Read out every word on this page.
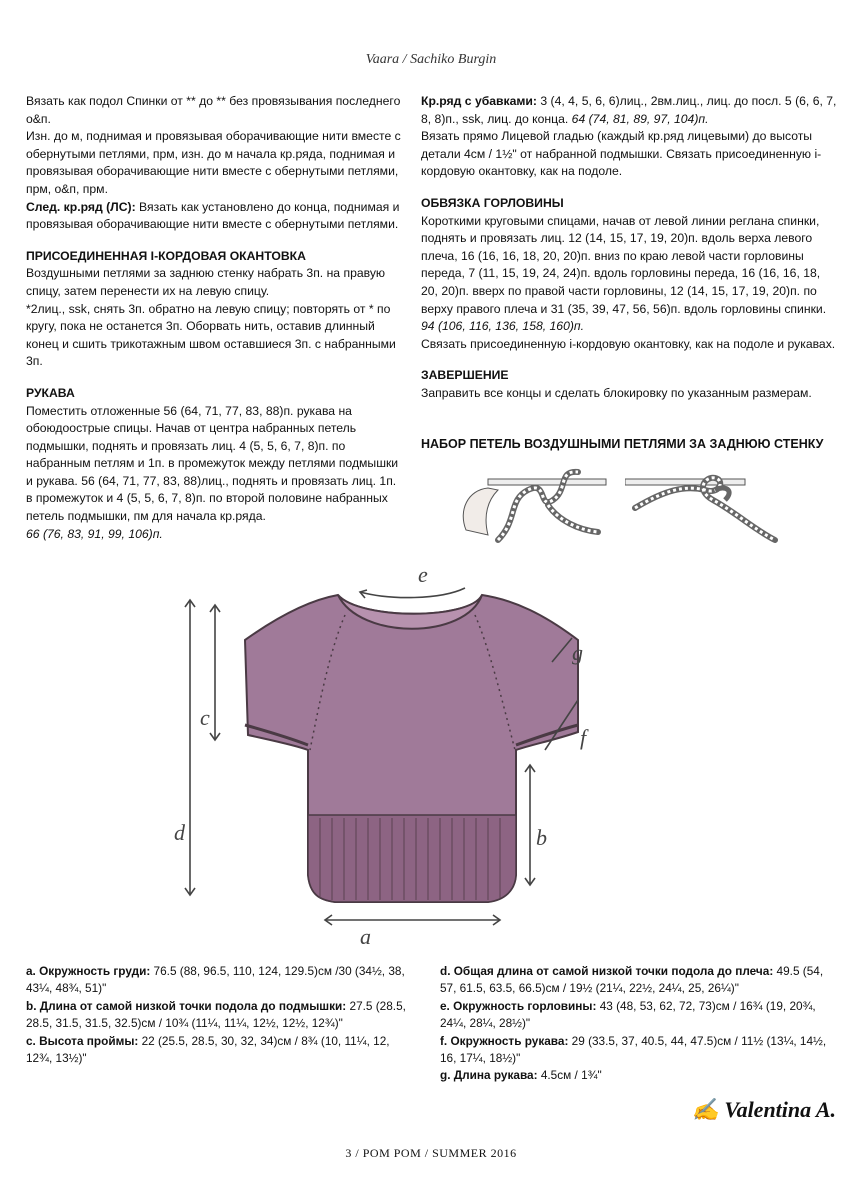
Vaara / Sachiko Burgin

Вязать как подол Спинки от ** до ** без провязывания последнего о&п.

Изн. до м, поднимая и провязывая оборачивающие нити вместе с обернутыми петлями, прм, изн. до м начала кр.ряда, поднимая и провязывая оборачивающие нити вместе с обернутыми петлями, прм, о&п, прм.

След. кр.ряд (ЛС): Вязать как установлено до конца, поднимая и провязывая оборачивающие нити вместе с обернутыми петлями.

ПРИСОЕДИНЕННАЯ I-КОРДОВАЯ ОКАНТОВКА

Воздушными петлями за заднюю стенку набрать 3п. на правую спицу, затем перенести их на левую спицу.

*2лиц., ssk, снять 3п. обратно на левую спицу; повторять от * по кругу, пока не останется 3п. Оборвать нить, оставив длинный конец и сшить трикотажным швом оставшиеся 3п. с набранными 3п.

РУКАВА

Поместить отложенные 56 (64, 71, 77, 83, 88)п. рукава на обоюдоострые спицы. Начав от центра набранных петель подмышки, поднять и провязать лиц. 4 (5, 5, 6, 7, 8)п. по набранным петлям и 1п. в промежуток между петлями подмышки и рукава. 56 (64, 71, 77, 83, 88)лиц., поднять и провязать лиц. 1п. в промежуток и 4 (5, 5, 6, 7, 8)п. по второй половине набранных петель подмышки, пм для начала кр.ряда.

66 (76, 83, 91, 99, 106)п.

Кр.ряд с убавками: 3 (4, 4, 5, 6, 6)лиц., 2вм.лиц., лиц. до посл. 5 (6, 6, 7, 8, 8)п., ssk, лиц. до конца. 64 (74, 81, 89, 97, 104)п.

Вязать прямо Лицевой гладью (каждый кр.ряд лицевыми) до высоты детали 4см / 1½" от набранной подмышки. Связать присоединенную i-кордовую окантовку, как на подоле.

ОБВЯЗКА ГОРЛОВИНЫ

Короткими круговыми спицами, начав от левой линии реглана спинки, поднять и провязать лиц. 12 (14, 15, 17, 19, 20)п. вдоль верха левого плеча, 16 (16, 16, 18, 20, 20)п. вниз по краю левой части горловины переда, 7 (11, 15, 19, 24, 24)п. вдоль горловины переда, 16 (16, 16, 18, 20, 20)п. вверх по правой части горловины, 12 (14, 15, 17, 19, 20)п. по верху правого плеча и 31 (35, 39, 47, 56, 56)п. вдоль горловины спинки.

94 (106, 116, 136, 158, 160)п.

Связать присоединенную i-кордовую окантовку, как на подоле и рукавах.

ЗАВЕРШЕНИЕ

Заправить все концы и сделать блокировку по указанным размерам.

НАБОР ПЕТЕЛЬ ВОЗДУШНЫМИ ПЕТЛЯМИ ЗА ЗАДНЮЮ СТЕНКУ
c
d	b
a
e
g
f

a. Окружность груди: 76.5 (88, 96.5, 110, 124, 129.5)см /30 (34½, 38, 43¼, 48¾, 51)"

b. Длина от самой низкой точки подола до подмышки: 27.5 (28.5, 28.5, 31.5, 31.5, 32.5)см / 10¾ (11¼, 11¼, 12½, 12½, 12¾)"

c. Высота проймы: 22 (25.5, 28.5, 30, 32, 34)см / 8¾ (10, 11¼, 12, 12¾, 13½)"

d. Общая длина от самой низкой точки подола до плеча: 49.5 (54, 57, 61.5, 63.5, 66.5)см / 19½ (21¼, 22½, 24¼, 25, 26¼)"

e. Окружность горловины: 43 (48, 53, 62, 72, 73)см / 16¾ (19, 20¾, 24¼, 28¼, 28½)"

f. Окружность рукава: 29 (33.5, 37, 40.5, 44, 47.5)см / 11½ (13¼, 14½, 16, 17¼, 18½)"

g. Длина рукава: 4.5см / 1¾"

✍ Valentina A.
3 / POM POM / SUMMER 2016
